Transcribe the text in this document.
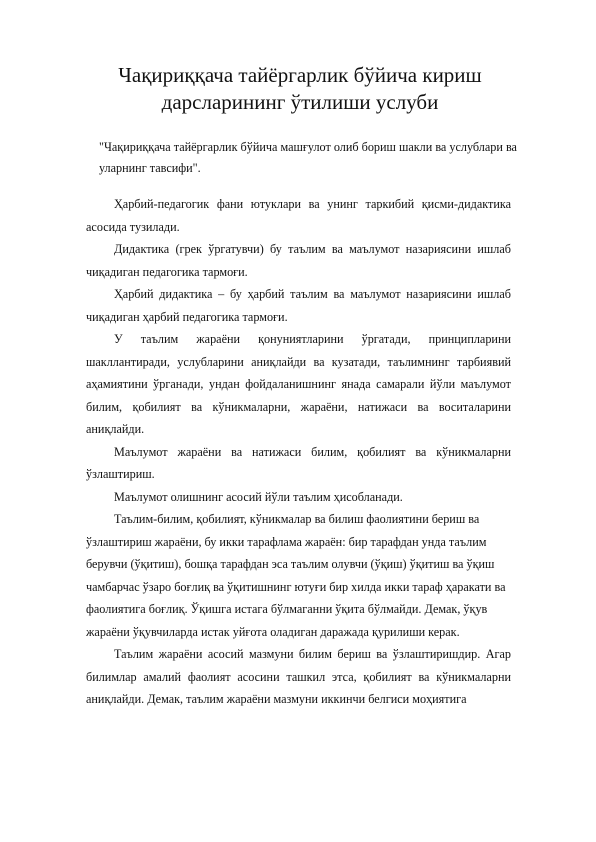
Чақириққача тайёргарлик бўйича кириш дарсларининг ўтилиши услуби

"Чақириққача тайёргарлик бўйича машғулот олиб бориш шакли ва услублари ва уларнинг тавсифи".

Ҳарбий-педагогик фани ютуклари ва унинг таркибий қисми-дидактика асосида тузилади.

Дидактика (грек ўргатувчи) бу таълим ва маълумот назариясини ишлаб чиқадиган педагогика тармоғи.

Ҳарбий дидактика – бу ҳарбий таълим ва маълумот назариясини ишлаб чиқадиган ҳарбий педагогика тармоғи.

У таълим жараёни қонуниятларини ўргатади, принципларини шакллантиради, услубларини аниқлайди ва кузатади, таълимнинг тарбиявий аҳамиятини ўрганади, ундан фойдаланишнинг янада самарали йўли маълумот билим, қобилият ва кўникмаларни, жараёни, натижаси ва воситаларини аниқлайди.

Маълумот жараёни ва натижаси билим, қобилият ва кўникмаларни ўзлаштириш.

Маълумот олишнинг асосий йўли таълим ҳисобланади.

Таълим-билим, қобилият, кўникмалар ва билиш фаолиятини бериш ва ўзлаштириш жараёни, бу икки тарафлама жараён: бир тарафдан унда таълим берувчи (ўқитиш), бошқа тарафдан эса таълим олувчи (ўқиш) ўқитиш ва ўқиш чамбарчас ўзаро боғлиқ ва ўқитишнинг ютуғи бир хилда икки тараф ҳаракати ва фаолиятига боғлиқ. Ўқишга истага бўлмаганни ўқита бўлмайди. Демак, ўқув жараёни ўқувчиларда истак уйғота оладиган даражада қурилиши керак.

Таълим жараёни асосий мазмуни билим бериш ва ўзлаштиришдир. Агар билимлар амалий фаолият асосини ташкил этса, қобилият ва кўникмаларни аниқлайди. Демак, таълим жараёни мазмуни иккинчи белгиси моҳиятига
